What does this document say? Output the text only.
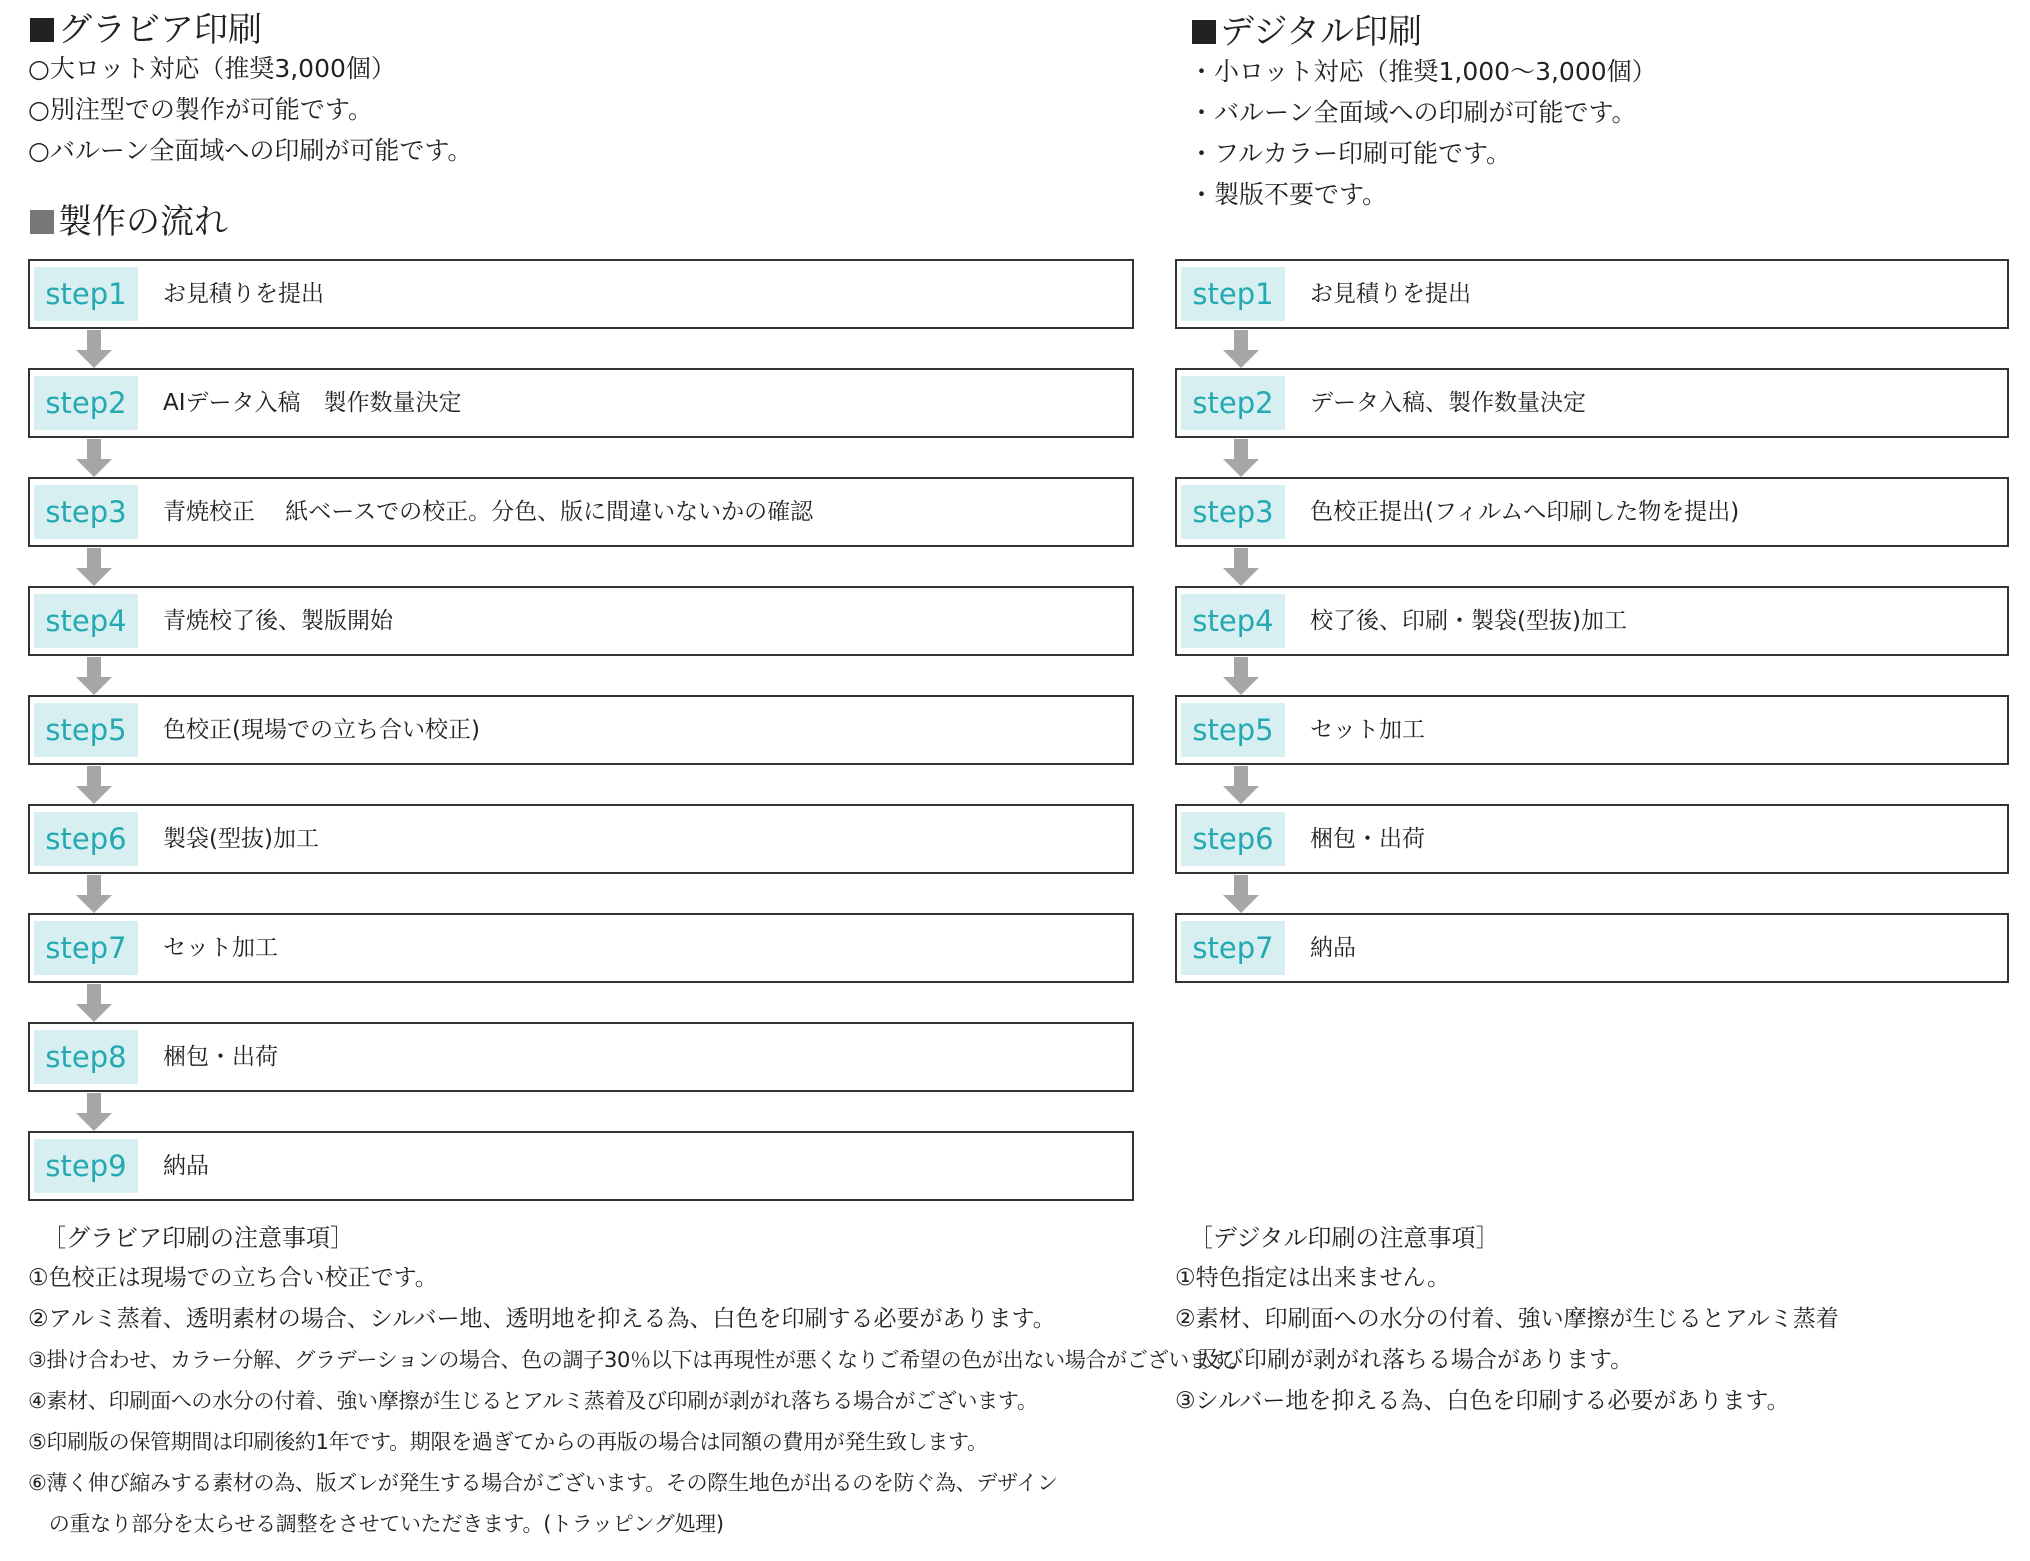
グラビア印刷
○大ロット対応（推奨3,000個）
○別注型での製作が可能です。
○バルーン全面域への印刷が可能です。
製作の流れ
step1	お見積りを提出
step2	AIデータ入稿　製作数量決定
step3	青焼校正　 紙ベースでの校正。分色、版に間違いないかの確認
step4	青焼校了後、製版開始
step5	色校正(現場での立ち合い校正)
step6	製袋(型抜)加工
step7	セット加工
step8	梱包・出荷
step9	納品
［グラビア印刷の注意事項］
①色校正は現場での立ち合い校正です。
②アルミ蒸着、透明素材の場合、シルバー地、透明地を抑える為、白色を印刷する必要があります。
③掛け合わせ、カラー分解、グラデーションの場合、色の調子30％以下は再現性が悪くなりご希望の色が出ない場合がございます。
④素材、印刷面への水分の付着、強い摩擦が生じるとアルミ蒸着及び印刷が剥がれ落ちる場合がございます。
⑤印刷版の保管期間は印刷後約1年です。期限を過ぎてからの再版の場合は同額の費用が発生致します。
⑥薄く伸び縮みする素材の為、版ズレが発生する場合がございます。その際生地色が出るのを防ぐ為、デザイン
　の重なり部分を太らせる調整をさせていただきます。(トラッピング処理)
デジタル印刷
・小ロット対応（推奨1,000〜3,000個）
・バルーン全面域への印刷が可能です。
・フルカラー印刷可能です。
・製版不要です。
step1	お見積りを提出
step2	データ入稿、製作数量決定
step3	色校正提出(フィルムへ印刷した物を提出)
step4	校了後、印刷・製袋(型抜)加工
step5	セット加工
step6	梱包・出荷
step7	納品
［デジタル印刷の注意事項］
①特色指定は出来ません。
②素材、印刷面への水分の付着、強い摩擦が生じるとアルミ蒸着
　及び印刷が剥がれ落ちる場合があります。
③シルバー地を抑える為、白色を印刷する必要があります。
